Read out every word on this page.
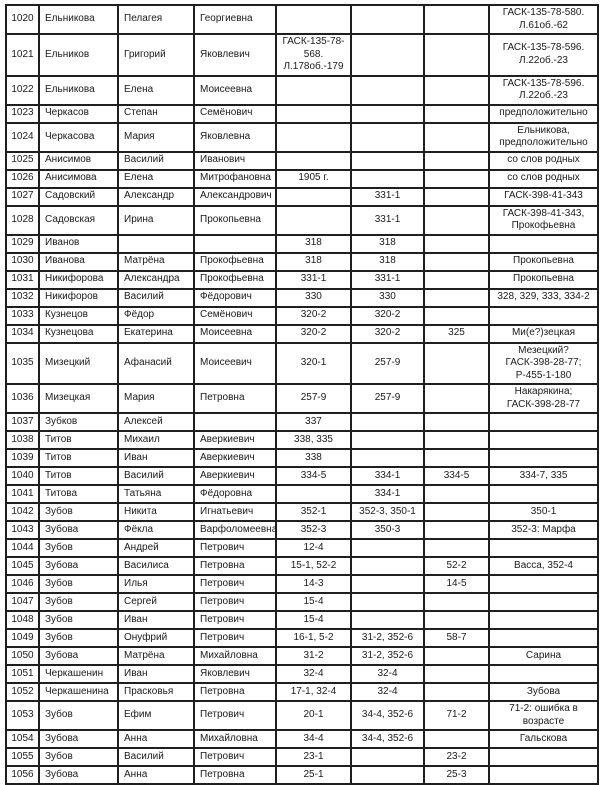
1020	Ельникова	Пелагея	Георгиевна				ГАСК-135-78-580. Л.61об.-62
1021	Ельников	Григорий	Яковлевич	ГАСК-135-78-568. Л.178об.-179			ГАСК-135-78-596. Л.22об.-23
1022	Ельникова	Елена	Моисеевна				ГАСК-135-78-596. Л.22об.-23
1023	Черкасов	Степан	Семёнович				предположительно
1024	Черкасова	Мария	Яковлевна				Ельникова, предположительно
1025	Анисимов	Василий	Иванович				со слов родных
1026	Анисимова	Елена	Митрофановна	1905 г.			со слов родных
1027	Садовский	Александр	Александрович		331-1		ГАСК-398-41-343
1028	Садовская	Ирина	Прокопьевна		331-1		ГАСК-398-41-343, Прокофьевна
1029	Иванов			318	318		
1030	Иванова	Матрёна	Прокофьевна	318	318		Прокопьевна
1031	Никифорова	Александра	Прокофьевна	331-1	331-1		Прокопьевна
1032	Никифоров	Василий	Фёдорович	330	330		328, 329, 333, 334-2
1033	Кузнецов	Фёдор	Семёнович	320-2	320-2		
1034	Кузнецова	Екатерина	Моисеевна	320-2	320-2	325	Ми(е?)зецкая
1035	Мизецкий	Афанасий	Моисеевич	320-1	257-9		Мезецкий? ГАСК-398-28-77; Р-455-1-180
1036	Мизецкая	Мария	Петровна	257-9	257-9		Накарякина; ГАСК-398-28-77
1037	Зубков	Алексей		337			
1038	Титов	Михаил	Аверкиевич	338, 335			
1039	Титов	Иван	Аверкиевич	338			
1040	Титов	Василий	Аверкиевич	334-5	334-1	334-5	334-7, 335
1041	Титова	Татьяна	Фёдоровна		334-1		
1042	Зубов	Никита	Игнатьевич	352-1	352-3, 350-1		350-1
1043	Зубова	Фёкла	Варфоломеевна	352-3	350-3		352-3: Марфа
1044	Зубов	Андрей	Петрович	12-4			
1045	Зубова	Василиса	Петровна	15-1, 52-2		52-2	Васса, 352-4
1046	Зубов	Илья	Петрович	14-3		14-5	
1047	Зубов	Сергей	Петрович	15-4			
1048	Зубов	Иван	Петрович	15-4			
1049	Зубов	Онуфрий	Петрович	16-1, 5-2	31-2, 352-6	58-7	
1050	Зубова	Матрёна	Михайловна	31-2	31-2, 352-6		Сарина
1051	Черкашенин	Иван	Яковлевич	32-4	32-4		
1052	Черкашенина	Прасковья	Петровна	17-1, 32-4	32-4		Зубова
1053	Зубов	Ефим	Петрович	20-1	34-4, 352-6	71-2	71-2: ошибка в возрасте
1054	Зубова	Анна	Михайловна	34-4	34-4, 352-6		Гальскова
1055	Зубов	Василий	Петрович	23-1		23-2	
1056	Зубова	Анна	Петровна	25-1		25-3	
